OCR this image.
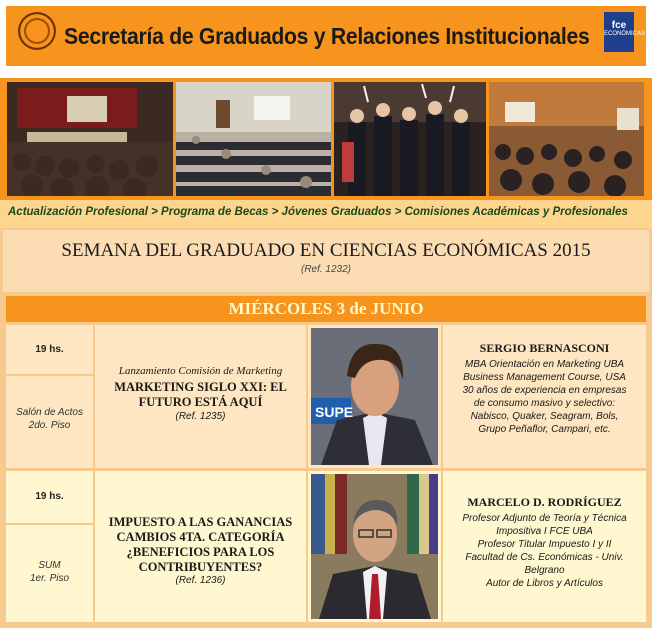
Secretaría de Graduados y Relaciones Institucionales	fce
ECONÓMICAS
Actualización Profesional > Programa de Becas > Jóvenes Graduados > Comisiones Académicas y Profesionales
SEMANA DEL GRADUADO EN CIENCIAS ECONÓMICAS 2015
(Ref. 1232)
MIÉRCOLES 3 de JUNIO
19 hs.
Salón de Actos
2do. Piso
Lanzamiento Comisión de Marketing
MARKETING SIGLO XXI: EL
FUTURO ESTÁ AQUÍ
(Ref. 1235)	SUPE
SERGIO BERNASCONI
MBA Orientación en Marketing UBA
Business Management Course, USA
30 años de experiencia en empresas
de consumo masivo y selectivo:
Nabisco, Quaker, Seagram, Bols,
Grupo Peñaflor, Campari, etc.
19 hs.
SUM
1er. Piso
IMPUESTO A LAS GANANCIAS
CAMBIOS 4TA. CATEGORÍA
¿BENEFICIOS PARA LOS
CONTRIBUYENTES?
(Ref. 1236)
MARCELO D. RODRÍGUEZ
Profesor Adjunto de Teoría y Técnica
Impositiva I FCE UBA
Profesor Titular Impuesto I y II
Facultad de Cs. Económicas - Univ.
Belgrano
Autor de Libros y Artículos
